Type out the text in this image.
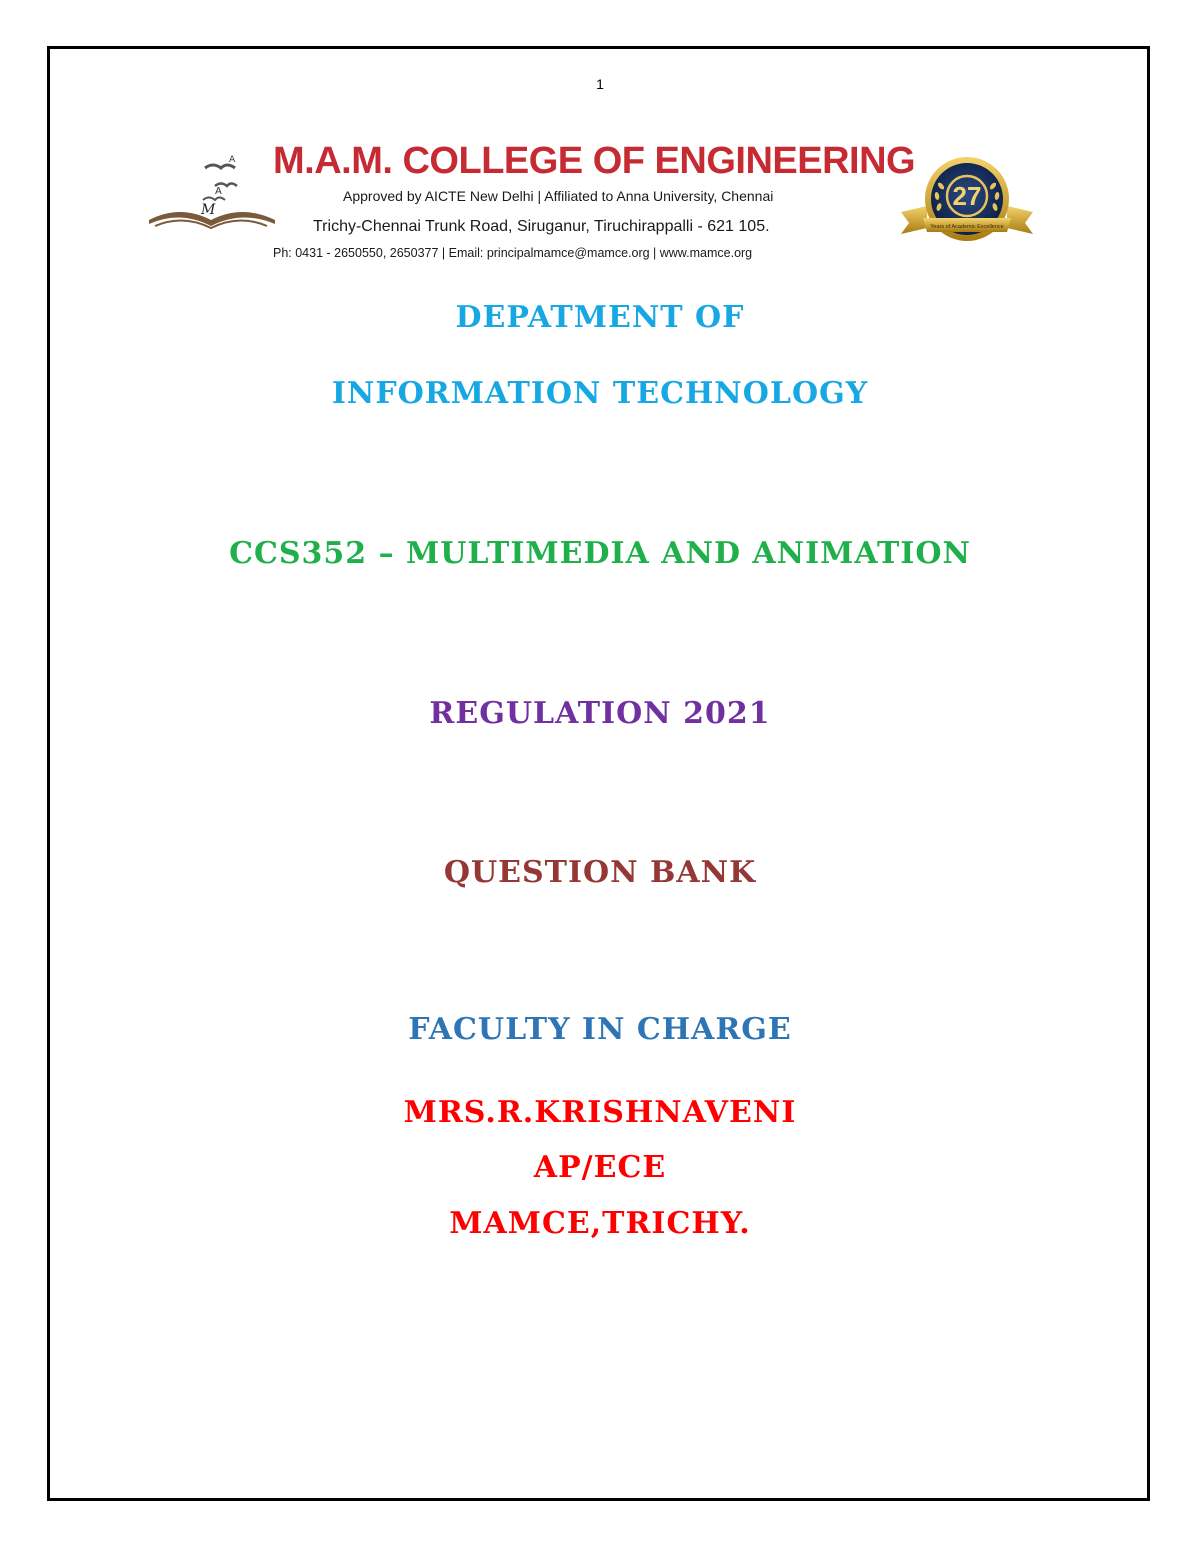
1
A
A
M
M.A.M. COLLEGE OF ENGINEERING
Approved by AICTE New Delhi | Affiliated to Anna University, Chennai
Trichy-Chennai Trunk Road, Siruganur, Tiruchirappalli - 621 105.
Ph: 0431 - 2650550, 2650377 | Email: principalmamce@mamce.org | www.mamce.org
27
Years of Academic Excellence
DEPATMENT OF
INFORMATION TECHNOLOGY
CCS352 – MULTIMEDIA AND ANIMATION
REGULATION 2021
QUESTION BANK
FACULTY IN CHARGE
MRS.R.KRISHNAVENI
AP/ECE
MAMCE,TRICHY.
